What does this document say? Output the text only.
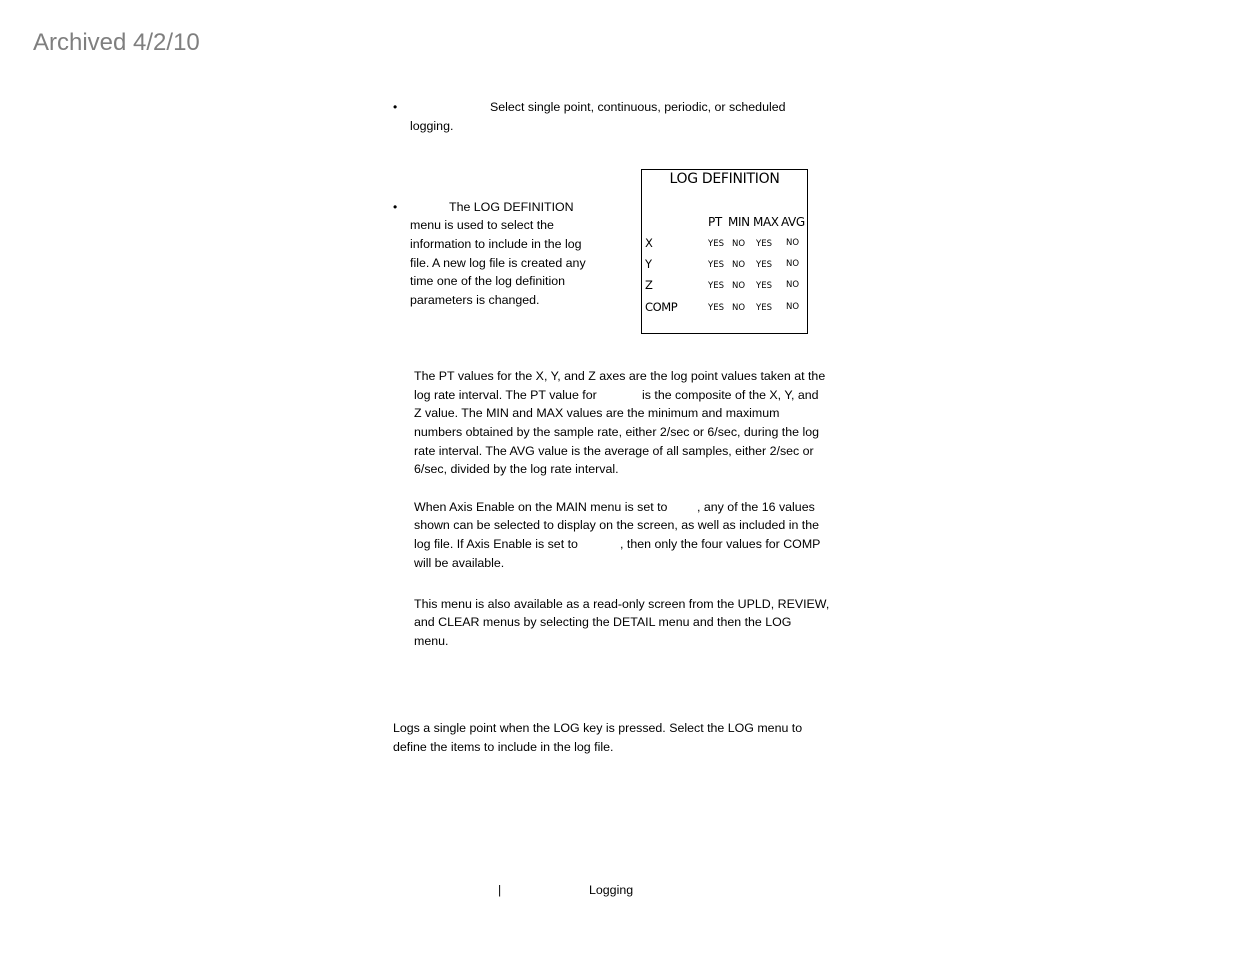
Archived 4/2/10
•	Select single point, continuous, periodic, or scheduled
logging.
•	The LOG DEFINITION
menu is used to select the
information to include in the log
file. A new log file is created any
time one of the log definition
parameters is changed.
LOG DEFINITION
PT MIN MAX AVG
X	YES NO YES NO
Y	YES NO YES NO
Z	YES NO YES NO
COMP	YES NO YES NO
The PT values for the X, Y, and Z axes are the log point values taken at the
log rate interval. The PT value for	is the composite of the X, Y, and
Z value. The MIN and MAX values are the minimum and maximum
numbers obtained by the sample rate, either 2/sec or 6/sec, during the log
rate interval. The AVG value is the average of all samples, either 2/sec or
6/sec, divided by the log rate interval.
When Axis Enable on the MAIN menu is set to , any of the 16 values
shown can be selected to display on the screen, as well as included in the
log file. If Axis Enable is set to	, then only the four values for COMP
will be available.
This menu is also available as a read-only screen from the UPLD, REVIEW,
and CLEAR menus by selecting the DETAIL menu and then the LOG
menu.
Logs a single point when the LOG key is pressed. Select the LOG menu to
define the items to include in the log file.
|	Logging
